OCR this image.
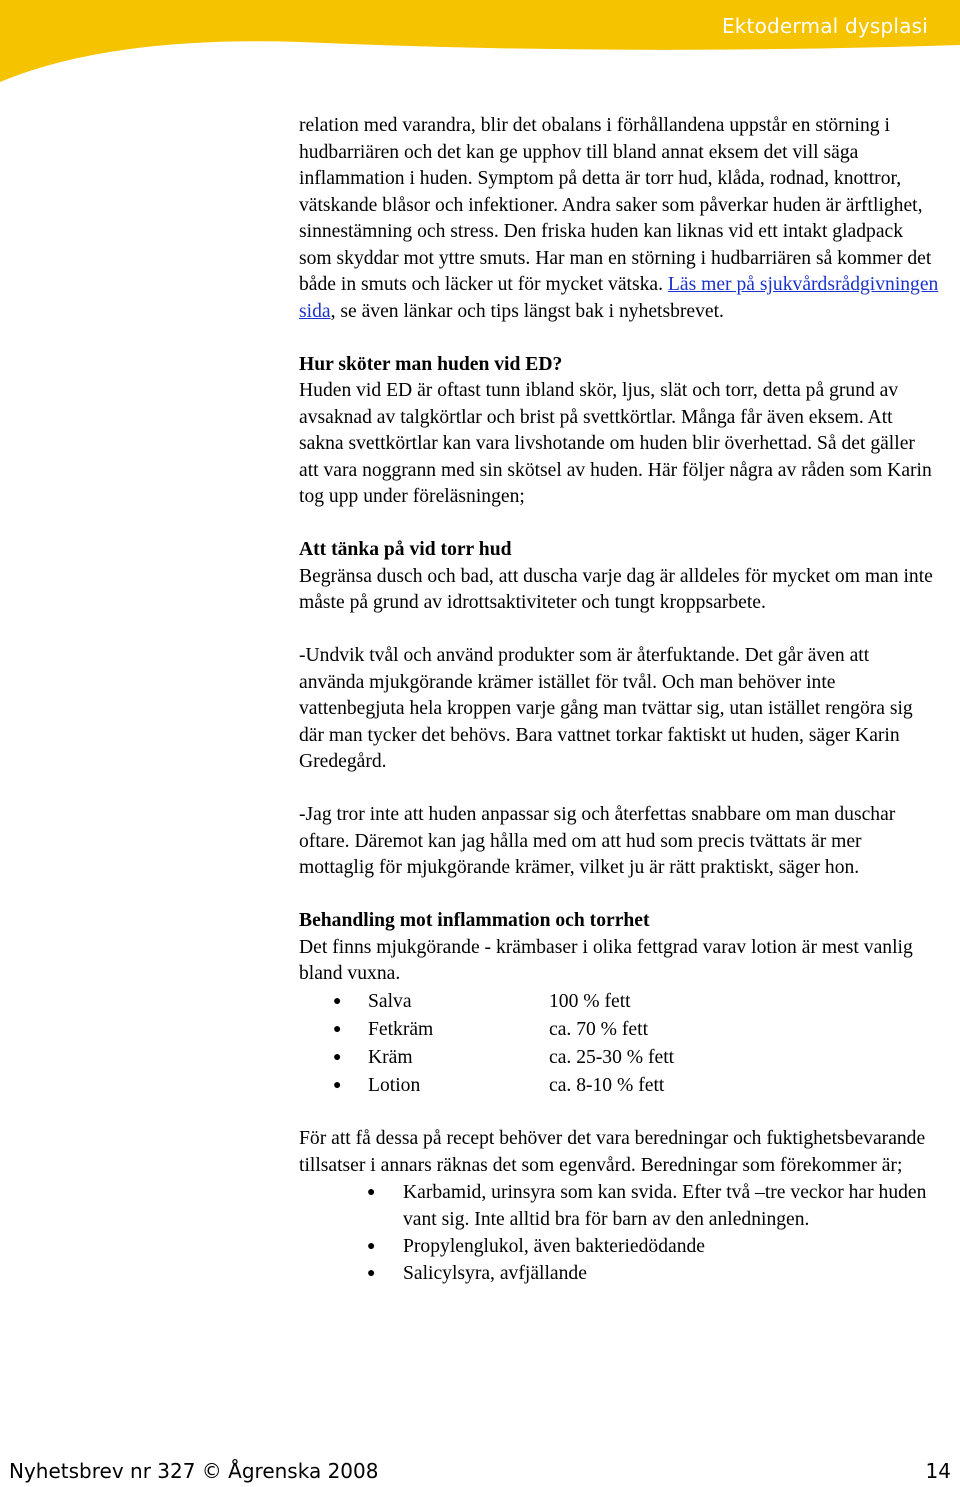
Ektodermal dysplasi

relation med varandra, blir det obalans i förhållandena uppstår en störning i hudbarriären och det kan ge upphov till bland annat eksem det vill säga inflammation i huden. Symptom på detta är torr hud, klåda, rodnad, knottror, vätskande blåsor och infektioner. Andra saker som påverkar huden är ärftlighet, sinnestämning och stress. Den friska huden kan liknas vid ett intakt gladpack som skyddar mot yttre smuts. Har man en störning i hudbarriären så kommer det både in smuts och läcker ut för mycket vätska. Läs mer på sjukvårdsrådgivningen sida, se även länkar och tips längst bak i nyhetsbrevet.

Hur sköter man huden vid ED?

Huden vid ED är oftast tunn ibland skör, ljus, slät och torr, detta på grund av avsaknad av talgkörtlar och brist på svettkörtlar. Många får även eksem. Att sakna svettkörtlar kan vara livshotande om huden blir överhettad. Så det gäller att vara noggrann med sin skötsel av huden. Här följer några av råden som Karin tog upp under föreläsningen;

Att tänka på vid torr hud

Begränsa dusch och bad, att duscha varje dag är alldeles för mycket om man inte måste på grund av idrottsaktiviteter och tungt kroppsarbete.

-Undvik tvål och använd produkter som är återfuktande. Det går även att använda mjukgörande krämer istället för tvål. Och man behöver inte vattenbegjuta hela kroppen varje gång man tvättar sig, utan istället rengöra sig där man tycker det behövs. Bara vattnet torkar faktiskt ut huden, säger Karin Gredegård.

-Jag tror inte att huden anpassar sig och återfettas snabbare om man duschar oftare. Däremot kan jag hålla med om att hud som precis tvättats är mer mottaglig för mjukgörande krämer, vilket ju är rätt praktiskt, säger hon.

Behandling mot inflammation och torrhet

Det finns mjukgörande - krämbaser i olika fettgrad varav lotion är mest vanlig bland vuxna.

● Salva	100 % fett
● Fetkräm	ca. 70 % fett
● Kräm	ca. 25-30 % fett
● Lotion	ca. 8-10 % fett

För att få dessa på recept behöver det vara beredningar och fuktighetsbevarande tillsatser i annars räknas det som egenvård. Beredningar som förekommer är;

● Karbamid, urinsyra som kan svida. Efter två –tre veckor har huden vant sig. Inte alltid bra för barn av den anledningen.
● Propylenglukol, även bakteriedödande
● Salicylsyra, avfjällande
Nyhetsbrev nr 327 © Ågrenska 2008	14
